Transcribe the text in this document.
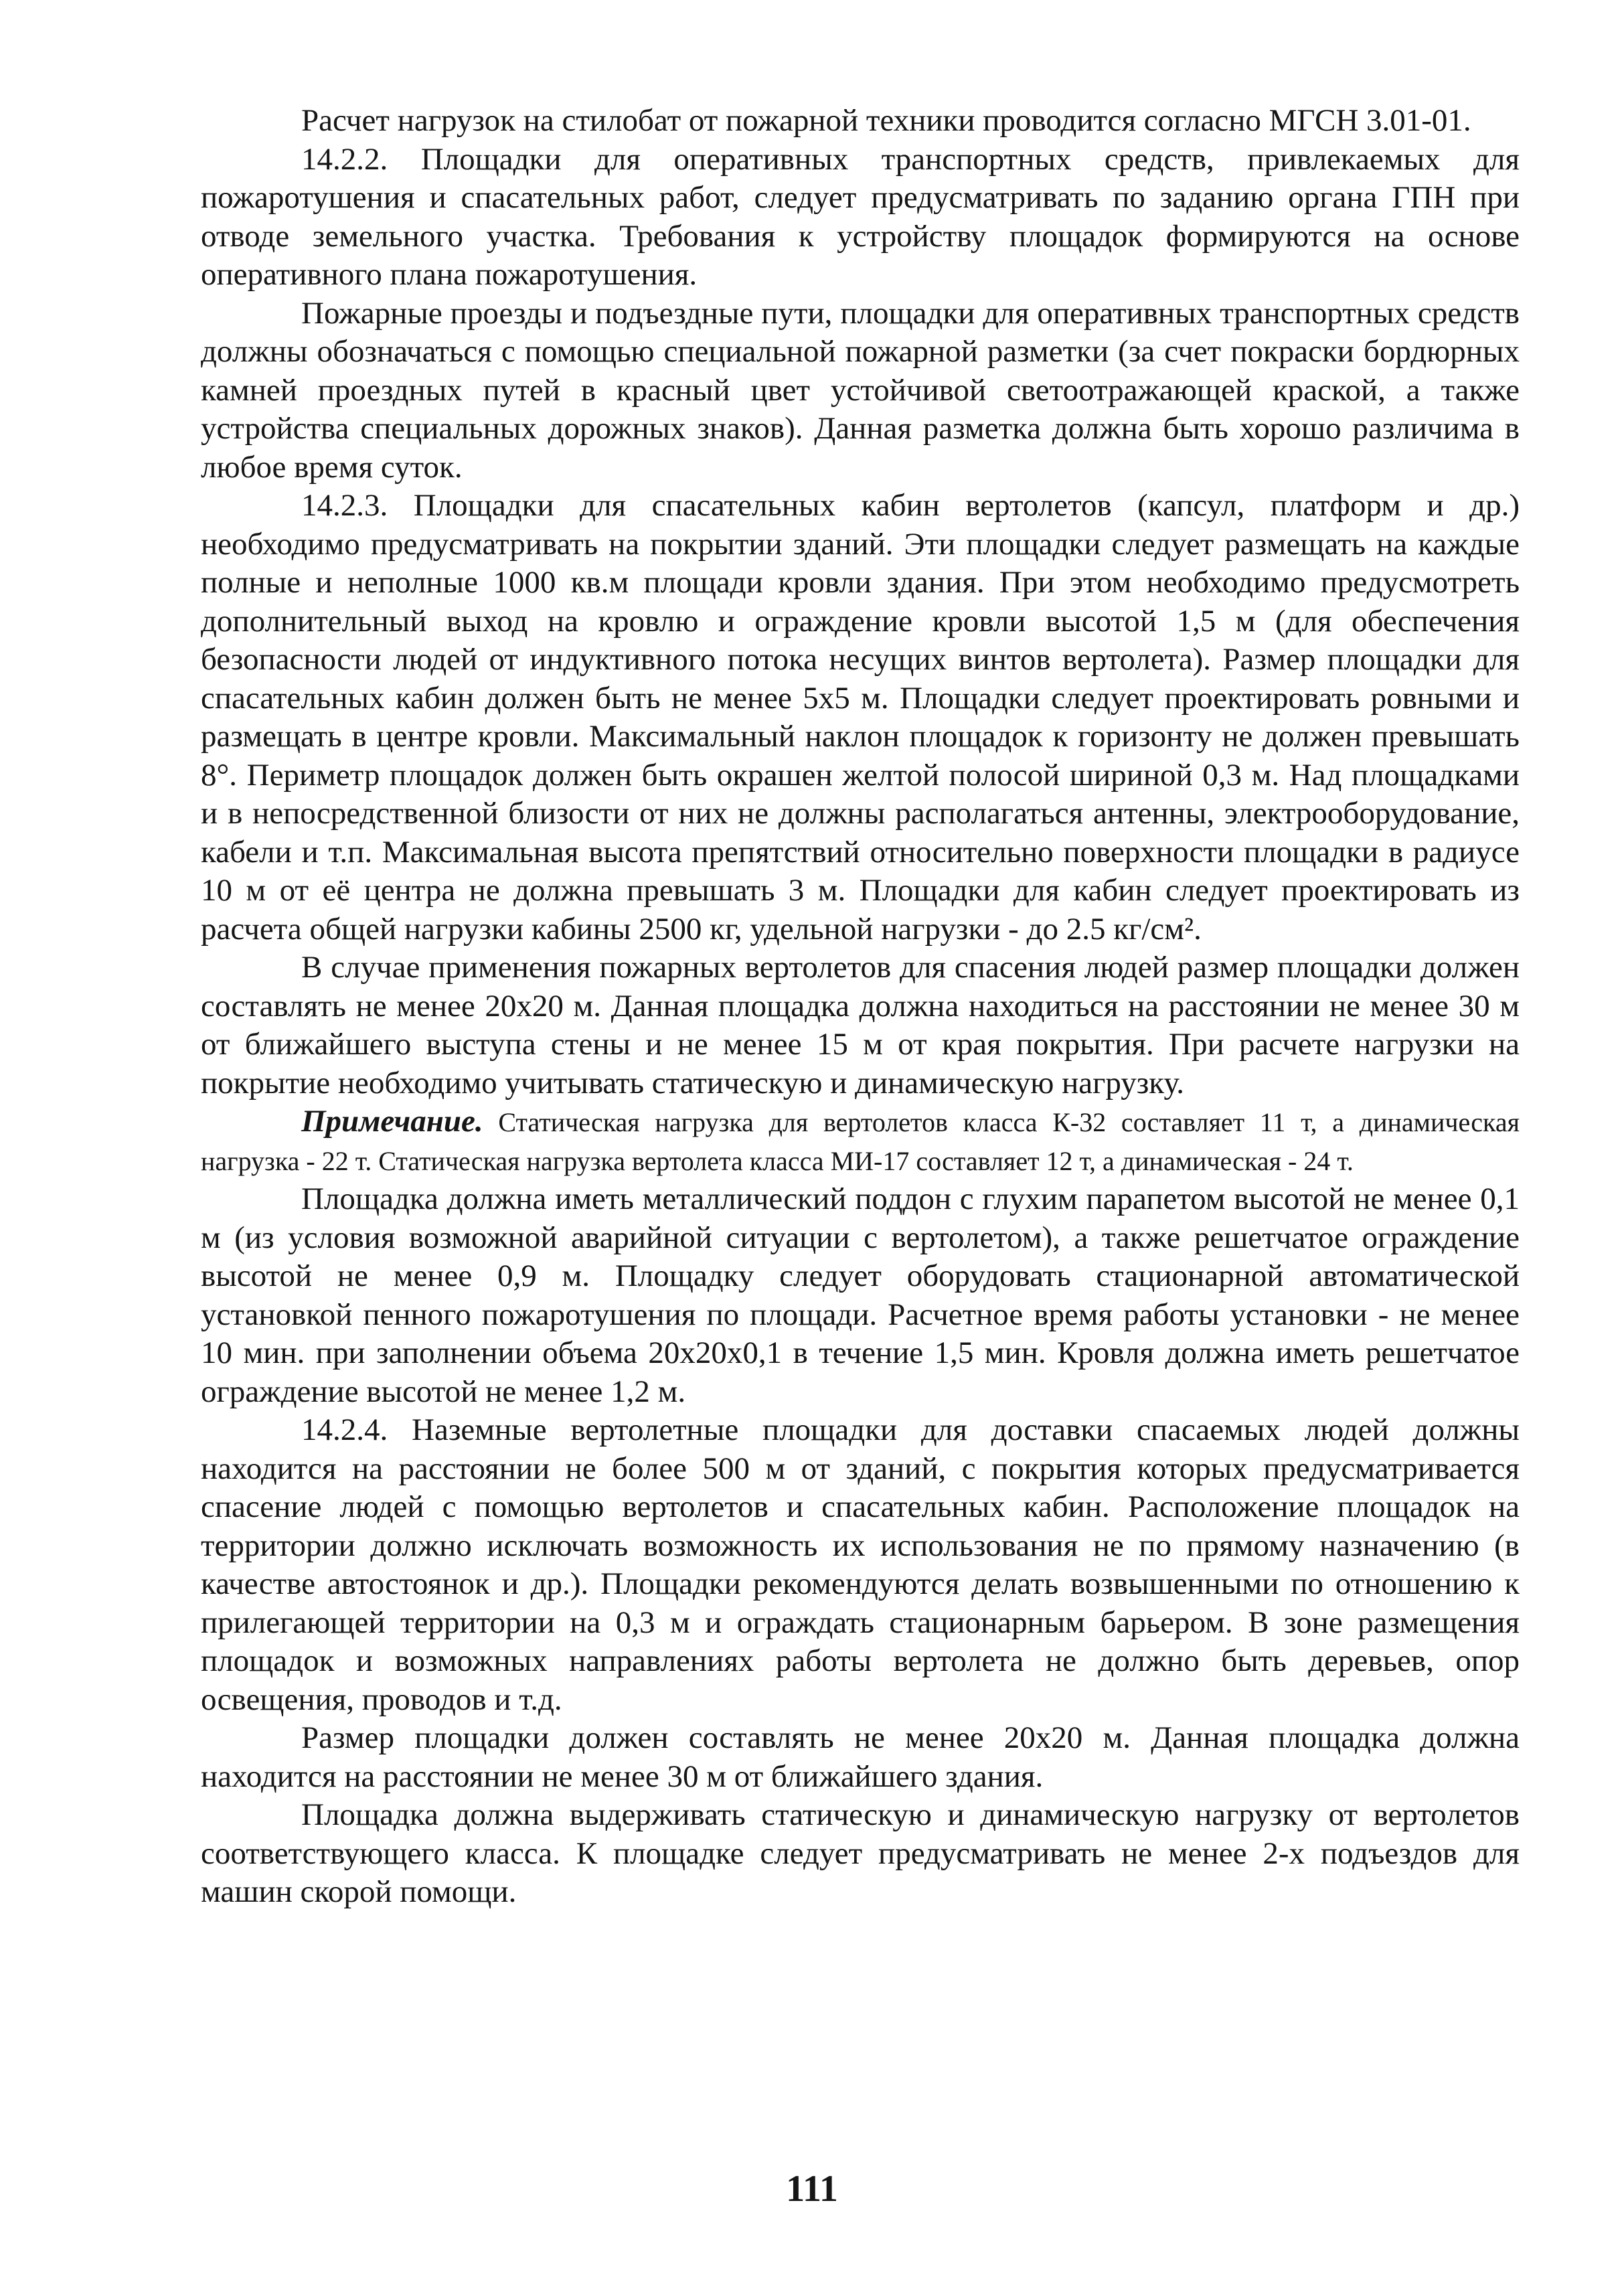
Расчет нагрузок на стилобат от пожарной техники проводится согласно МГСН 3.01-01.

14.2.2. Площадки для оперативных транспортных средств, привлекаемых для пожаротушения и спасательных работ, следует предусматривать по заданию органа ГПН при отводе земельного участка. Требования к устройству площадок формируются на основе оперативного плана пожаротушения.

Пожарные проезды и подъездные пути, площадки для оперативных транспортных средств должны обозначаться с помощью специальной пожарной разметки (за счет покраски бордюрных камней проездных путей в красный цвет устойчивой светоотражающей краской, а также устройства специальных дорожных знаков). Данная разметка должна быть хорошо различима в любое время суток.

14.2.3. Площадки для спасательных кабин вертолетов (капсул, платформ и др.) необходимо предусматривать на покрытии зданий. Эти площадки следует размещать на каждые полные и неполные 1000 кв.м площади кровли здания. При этом необходимо предусмотреть дополнительный выход на кровлю и ограждение кровли высотой 1,5 м (для обеспечения безопасности людей от индуктивного потока несущих винтов вертолета). Размер площадки для спасательных кабин должен быть не менее 5х5 м. Площадки следует проектировать ровными и размещать в центре кровли. Максимальный наклон площадок к горизонту не должен превышать 8°. Периметр площадок должен быть окрашен желтой полосой шириной 0,3 м. Над площадками и в непосредственной близости от них не должны располагаться антенны, электрооборудование, кабели и т.п. Максимальная высота препятствий относительно поверхности площадки в радиусе 10 м от её центра не должна превышать 3 м. Площадки для кабин следует проектировать из расчета общей нагрузки кабины 2500 кг, удельной нагрузки - до 2.5 кг/см².

В случае применения пожарных вертолетов для спасения людей размер площадки должен составлять не менее 20х20 м. Данная площадка должна находиться на расстоянии не менее 30 м от ближайшего выступа стены и не менее 15 м от края покрытия. При расчете нагрузки на покрытие необходимо учитывать статическую и динамическую нагрузку.

Примечание. Статическая нагрузка для вертолетов класса К-32 составляет 11 т, а динамическая нагрузка - 22 т. Статическая нагрузка вертолета класса МИ-17 составляет 12 т, а динамическая - 24 т.

Площадка должна иметь металлический поддон с глухим парапетом высотой не менее 0,1 м (из условия возможной аварийной ситуации с вертолетом), а также решетчатое ограждение высотой не менее 0,9 м. Площадку следует оборудовать стационарной автоматической установкой пенного пожаротушения по площади. Расчетное время работы установки - не менее 10 мин. при заполнении объема 20х20х0,1 в течение 1,5 мин. Кровля должна иметь решетчатое ограждение высотой не менее 1,2 м.

14.2.4. Наземные вертолетные площадки для доставки спасаемых людей должны находится на расстоянии не более 500 м от зданий, с покрытия которых предусматривается спасение людей с помощью вертолетов и спасательных кабин. Расположение площадок на территории должно исключать возможность их использования не по прямому назначению (в качестве автостоянок и др.). Площадки рекомендуются делать возвышенными по отношению к прилегающей территории на 0,3 м и ограждать стационарным барьером. В зоне размещения площадок и возможных направлениях работы вертолета не должно быть деревьев, опор освещения, проводов и т.д.

Размер площадки должен составлять не менее 20х20 м. Данная площадка должна находится на расстоянии не менее 30 м от ближайшего здания.

Площадка должна выдерживать статическую и динамическую нагрузку от вертолетов соответствующего класса. К площадке следует предусматривать не менее 2-х подъездов для машин скорой помощи.

111
